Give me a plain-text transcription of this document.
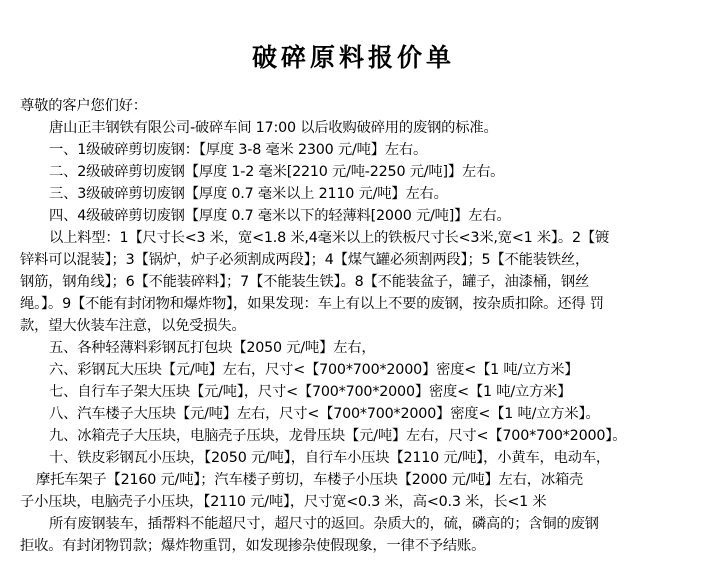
破碎原料报价单
尊敬的客户您们好：
唐山正丰钢铁有限公司-破碎车间 17:00 以后收购破碎用的废钢的标准。
一、1级破碎剪切废钢：【厚度 3-8 毫米 2300 元/吨】左右。
二、2级破碎剪切废钢【厚度 1-2 毫米[2210 元/吨-2250 元/吨]】左右。
三、3级破碎剪切废钢【厚度 0.7 毫米以上 2110 元/吨】左右。
四、4级破碎剪切废钢【厚度 0.7 毫米以下的轻薄料[2000 元/吨]】左右。
以上料型：1【尺寸长<3 米，宽<1.8 米,4毫米以上的铁板尺寸长<3米,宽<1 米】。2【镀
锌料可以混装】；3【锅炉，炉子必须割成两段】；4【煤气罐必须割两段】；5【不能装铁丝，
钢筋，钢角线】；6【不能装碎料】；7【不能装生铁】。8【不能装盆子，罐子，油漆桶，钢丝
绳。】。9【不能有封闭物和爆炸物】，如果发现：车上有以上不要的废钢，按杂质扣除。还得 罚
款，望大伙装车注意，以免受损失。
五、各种轻薄料彩钢瓦打包块【2050 元/吨】左右，
六、彩钢瓦大压块【元/吨】左右，尺寸<【700*700*2000】密度<【1 吨/立方米】
七、自行车子架大压块【元/吨】，尺寸<【700*700*2000】密度<【1 吨/立方米】
八、汽车楼子大压块【元/吨】左右，尺寸<【700*700*2000】密度<【1 吨/立方米】。
九、冰箱壳子大压块，电脑壳子压块，龙骨压块【元/吨】左右，尺寸<【700*700*2000】。
十、铁皮彩钢瓦小压块，【2050 元/吨】，自行车小压块【2110 元/吨】，小黄车，电动车，
摩托车架子【2160 元/吨】；汽车楼子剪切，车楼子小压块【2000 元/吨】左右，冰箱壳
子小压块，电脑壳子小压块，【2110 元/吨】，尺寸宽<0.3 米，高<0.3 米，长<1 米
所有废钢装车，插帮料不能超尺寸，超尺寸的返回。杂质大的，硫，磷高的；含铜的废钢
拒收。有封闭物罚款；爆炸物重罚，如发现掺杂使假现象，一律不予结账。
